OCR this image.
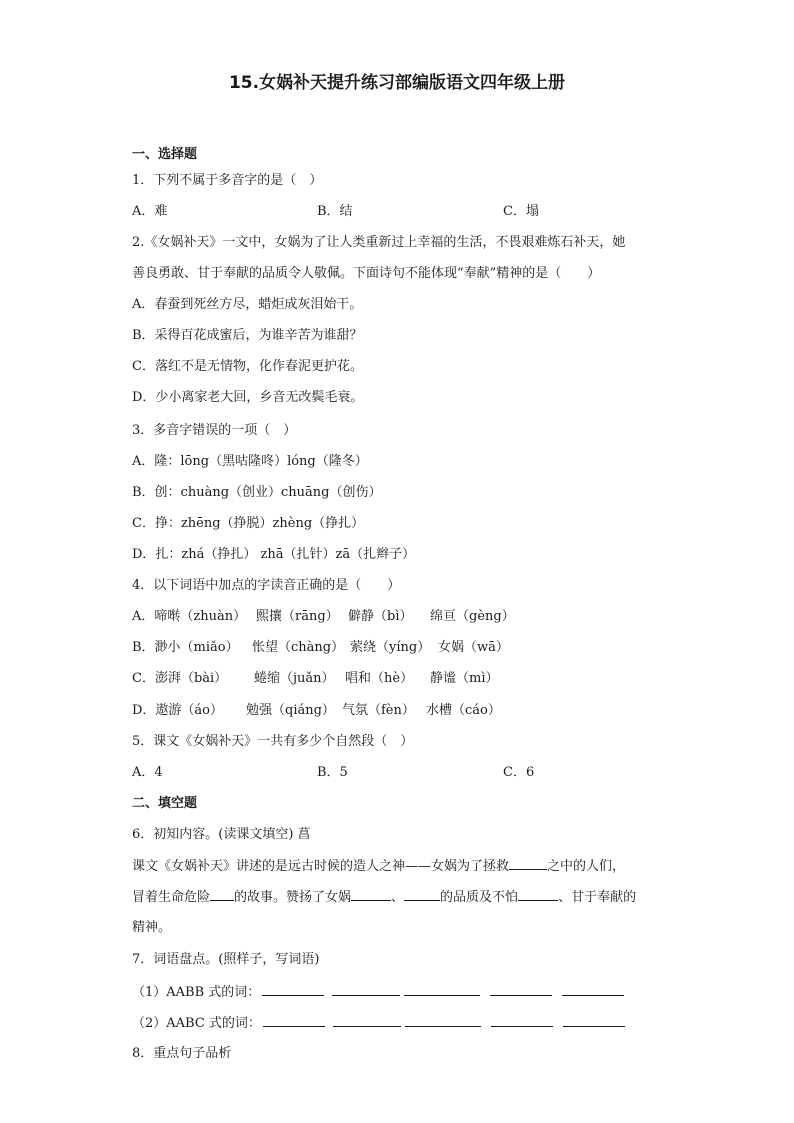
15.女娲补天提升练习部编版语文四年级上册
一、选择题
1．下列不属于多音字的是（　）
A．难	B．结	C．塌
2.《女娲补天》一文中，女娲为了让人类重新过上幸福的生活，不畏艰难炼石补天，她
善良勇敢、甘于奉献的品质令人敬佩。下面诗句不能体现“奉献”精神的是（　　）
A．春蚕到死丝方尽，蜡炬成灰泪始干。
B．采得百花成蜜后，为谁辛苦为谁甜？
C．落红不是无情物，化作春泥更护花。
D．少小离家老大回，乡音无改鬓毛衰。
3．多音字错误的一项（　）
A．隆：lōng（黑咕隆咚）lóng（隆冬）
B．创：chuàng（创业）chuāng（创伤）
C．挣：zhēng（挣脱）zhèng（挣扎）
D．扎：zhá（挣扎） zhā（扎针）zā（扎辫子）
4．以下词语中加点的字读音正确的是（　　）
A．啼啭（zhuàn） 熙攘（rāng） 僻静（bì） 绵亘（gèng）
B．渺小（miǎo） 怅望（chàng） 萦绕（yíng） 女娲（wā）
C．澎湃（bài） 蜷缩（juǎn） 唱和（hè） 静谧（mì）
D．遨游（áo） 勉强（qiáng） 气氛（fèn） 水槽（cáo）
5．课文《女娲补天》一共有多少个自然段（　）
A．4	B．5	C．6
二、填空题
6．初知内容。(读课文填空) 菖
课文《女娲补天》讲述的是远古时候的造人之神——女娲为了拯救	之中的人们，
冒着生命危险 的故事。赞扬了女娲	、	的品质及不怕	、甘于奉献的
精神。
7．词语盘点。(照样子，写词语)
（1）AABB 式的词：
（2）AABC 式的词：
8．重点句子品析
